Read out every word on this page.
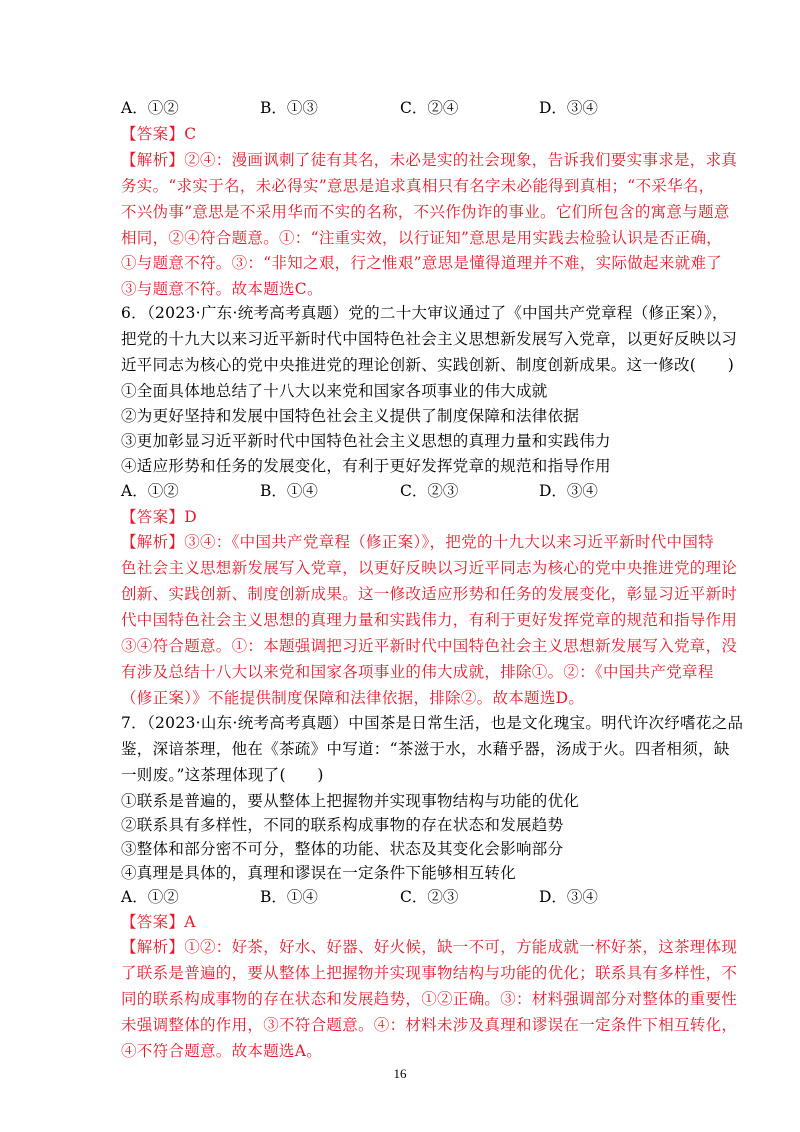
A．①②	B．①③	C．②④	D．③④
【答案】C
【解析】②④：漫画讽刺了徒有其名，未必是实的社会现象，告诉我们要实事求是，求真
务实。“求实于名，未必得实”意思是追求真相只有名字未必能得到真相；“不采华名，
不兴伪事”意思是不采用华而不实的名称，不兴作伪诈的事业。它们所包含的寓意与题意
相同，②④符合题意。①：“注重实效，以行证知”意思是用实践去检验认识是否正确，
①与题意不符。③：“非知之艰，行之惟艰”意思是懂得道理并不难，实际做起来就难了
③与题意不符。故本题选C。
6．（2023·广东·统考高考真题）党的二十大审议通过了《中国共产党章程（修正案）》，
把党的十九大以来习近平新时代中国特色社会主义思想新发展写入党章，以更好反映以习
近平同志为核心的党中央推进党的理论创新、实践创新、制度创新成果。这一修改(　　)
①全面具体地总结了十八大以来党和国家各项事业的伟大成就
②为更好坚持和发展中国特色社会主义提供了制度保障和法律依据
③更加彰显习近平新时代中国特色社会主义思想的真理力量和实践伟力
④适应形势和任务的发展变化，有利于更好发挥党章的规范和指导作用
A．①②	B．①④	C．②③	D．③④
【答案】D
【解析】③④：《中国共产党章程（修正案）》，把党的十九大以来习近平新时代中国特
色社会主义思想新发展写入党章，以更好反映以习近平同志为核心的党中央推进党的理论
创新、实践创新、制度创新成果。这一修改适应形势和任务的发展变化，彰显习近平新时
代中国特色社会主义思想的真理力量和实践伟力，有利于更好发挥党章的规范和指导作用
③④符合题意。①：本题强调把习近平新时代中国特色社会主义思想新发展写入党章，没
有涉及总结十八大以来党和国家各项事业的伟大成就，排除①。②：《中国共产党章程
（修正案）》不能提供制度保障和法律依据，排除②。故本题选D。
7．（2023·山东·统考高考真题）中国茶是日常生活，也是文化瑰宝。明代许次纾嗜花之品
鉴，深谙茶理，他在《茶疏》中写道：“茶滋于水，水藉乎器，汤成于火。四者相须，缺
一则废。”这茶理体现了(　　)
①联系是普遍的，要从整体上把握物并实现事物结构与功能的优化
②联系具有多样性，不同的联系构成事物的存在状态和发展趋势
③整体和部分密不可分，整体的功能、状态及其变化会影响部分
④真理是具体的，真理和谬误在一定条件下能够相互转化
A．①②	B．①④	C．②③	D．③④
【答案】A
【解析】①②：好茶，好水、好器、好火候，缺一不可，方能成就一杯好茶，这茶理体现
了联系是普遍的，要从整体上把握物并实现事物结构与功能的优化；联系具有多样性，不
同的联系构成事物的存在状态和发展趋势，①②正确。③：材料强调部分对整体的重要性
未强调整体的作用，③不符合题意。④：材料未涉及真理和谬误在一定条件下相互转化，
④不符合题意。故本题选A。
16
